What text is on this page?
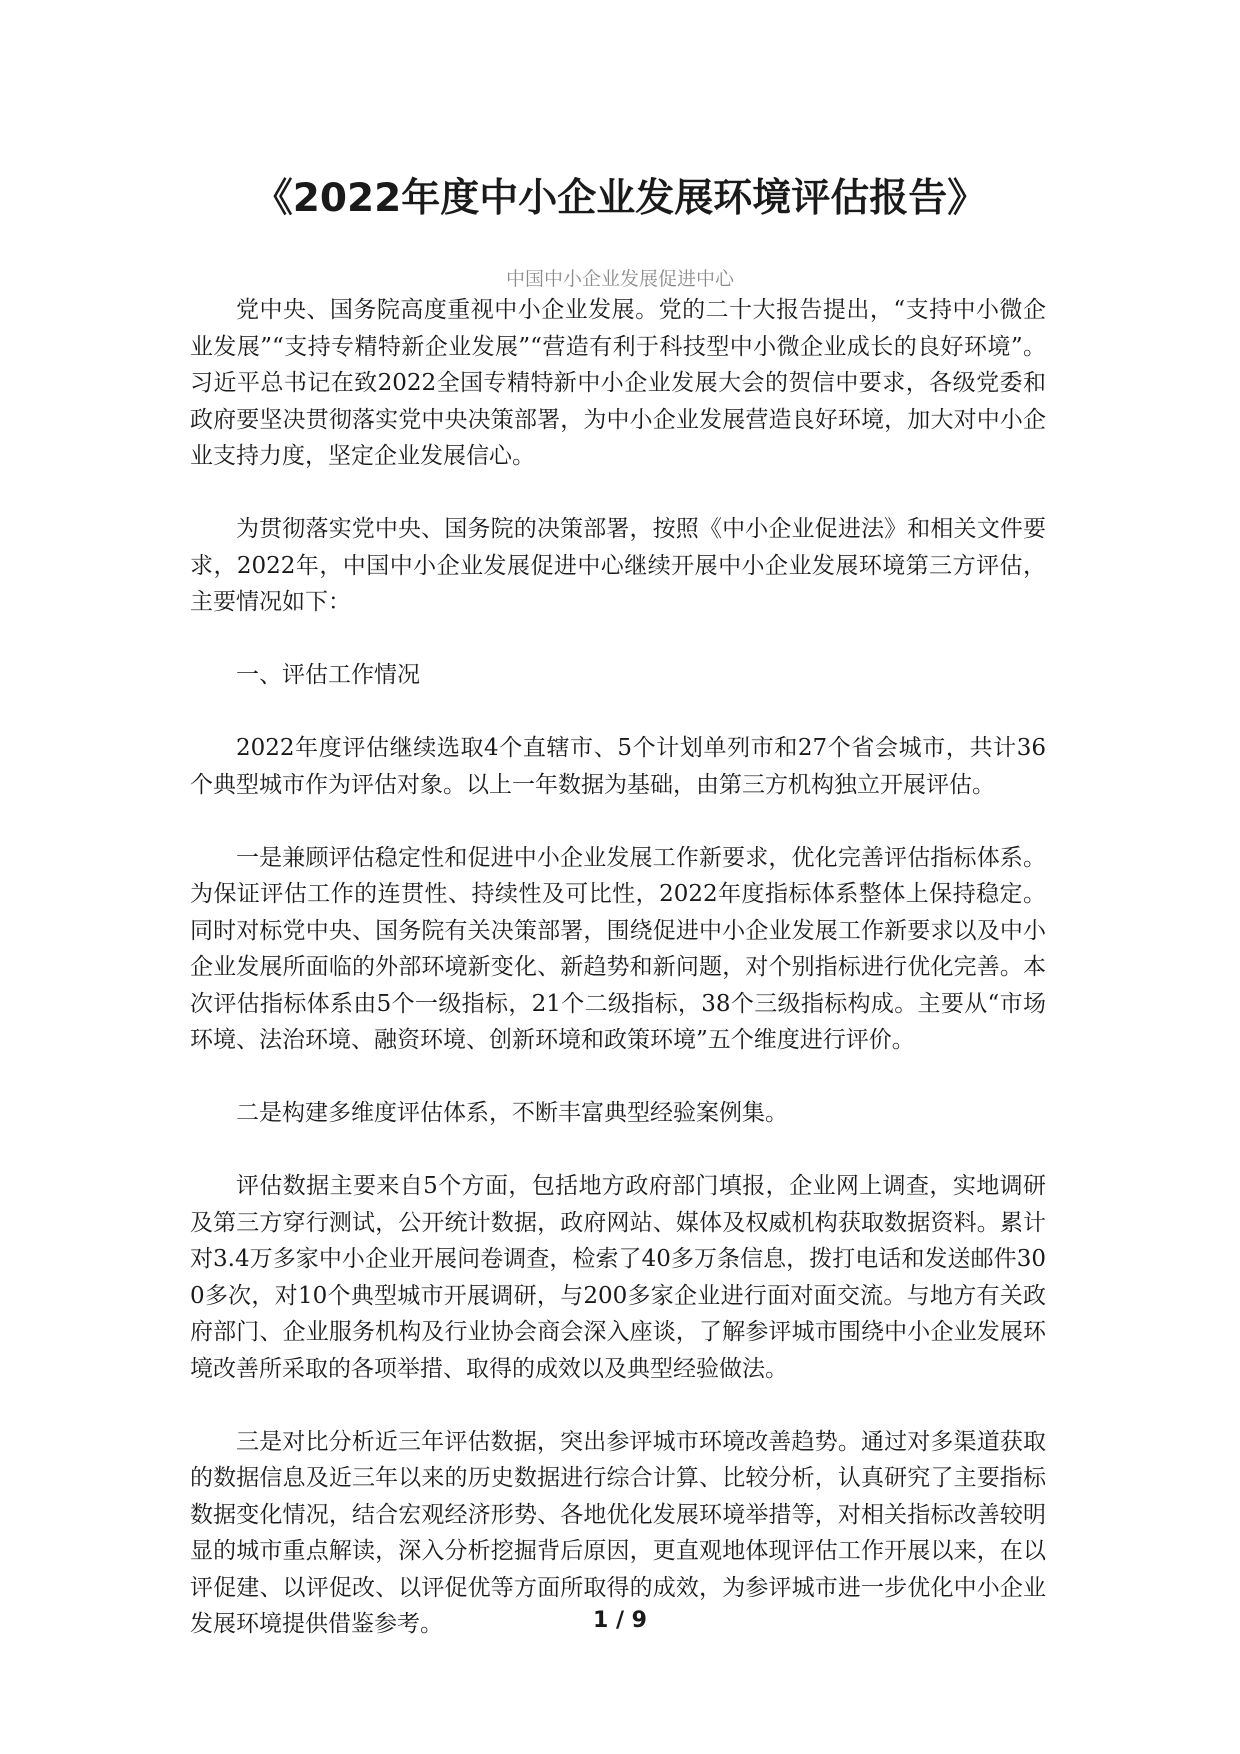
《2022年度中小企业发展环境评估报告》
中国中小企业发展促进中心

党中央、国务院高度重视中小企业发展。党的二十大报告提出，“支持中小微企业发展”“支持专精特新企业发展”“营造有利于科技型中小微企业成长的良好环境”。习近平总书记在致2022全国专精特新中小企业发展大会的贺信中要求，各级党委和政府要坚决贯彻落实党中央决策部署，为中小企业发展营造良好环境，加大对中小企业支持力度，坚定企业发展信心。

为贯彻落实党中央、国务院的决策部署，按照《中小企业促进法》和相关文件要求，2022年，中国中小企业发展促进中心继续开展中小企业发展环境第三方评估，主要情况如下：

一、评估工作情况

2022年度评估继续选取4个直辖市、5个计划单列市和27个省会城市，共计36个典型城市作为评估对象。以上一年数据为基础，由第三方机构独立开展评估。

一是兼顾评估稳定性和促进中小企业发展工作新要求，优化完善评估指标体系。为保证评估工作的连贯性、持续性及可比性，2022年度指标体系整体上保持稳定。同时对标党中央、国务院有关决策部署，围绕促进中小企业发展工作新要求以及中小企业发展所面临的外部环境新变化、新趋势和新问题，对个别指标进行优化完善。本次评估指标体系由5个一级指标，21个二级指标，38个三级指标构成。主要从“市场环境、法治环境、融资环境、创新环境和政策环境”五个维度进行评价。

二是构建多维度评估体系，不断丰富典型经验案例集。

评估数据主要来自5个方面，包括地方政府部门填报，企业网上调查，实地调研及第三方穿行测试，公开统计数据，政府网站、媒体及权威机构获取数据资料。累计对3.4万多家中小企业开展问卷调查，检索了40多万条信息，拨打电话和发送邮件300多次，对10个典型城市开展调研，与200多家企业进行面对面交流。与地方有关政府部门、企业服务机构及行业协会商会深入座谈，了解参评城市围绕中小企业发展环境改善所采取的各项举措、取得的成效以及典型经验做法。

三是对比分析近三年评估数据，突出参评城市环境改善趋势。通过对多渠道获取的数据信息及近三年以来的历史数据进行综合计算、比较分析，认真研究了主要指标数据变化情况，结合宏观经济形势、各地优化发展环境举措等，对相关指标改善较明显的城市重点解读，深入分析挖掘背后原因，更直观地体现评估工作开展以来，在以评促建、以评促改、以评促优等方面所取得的成效，为参评城市进一步优化中小企业发展环境提供借鉴参考。	1 / 9
